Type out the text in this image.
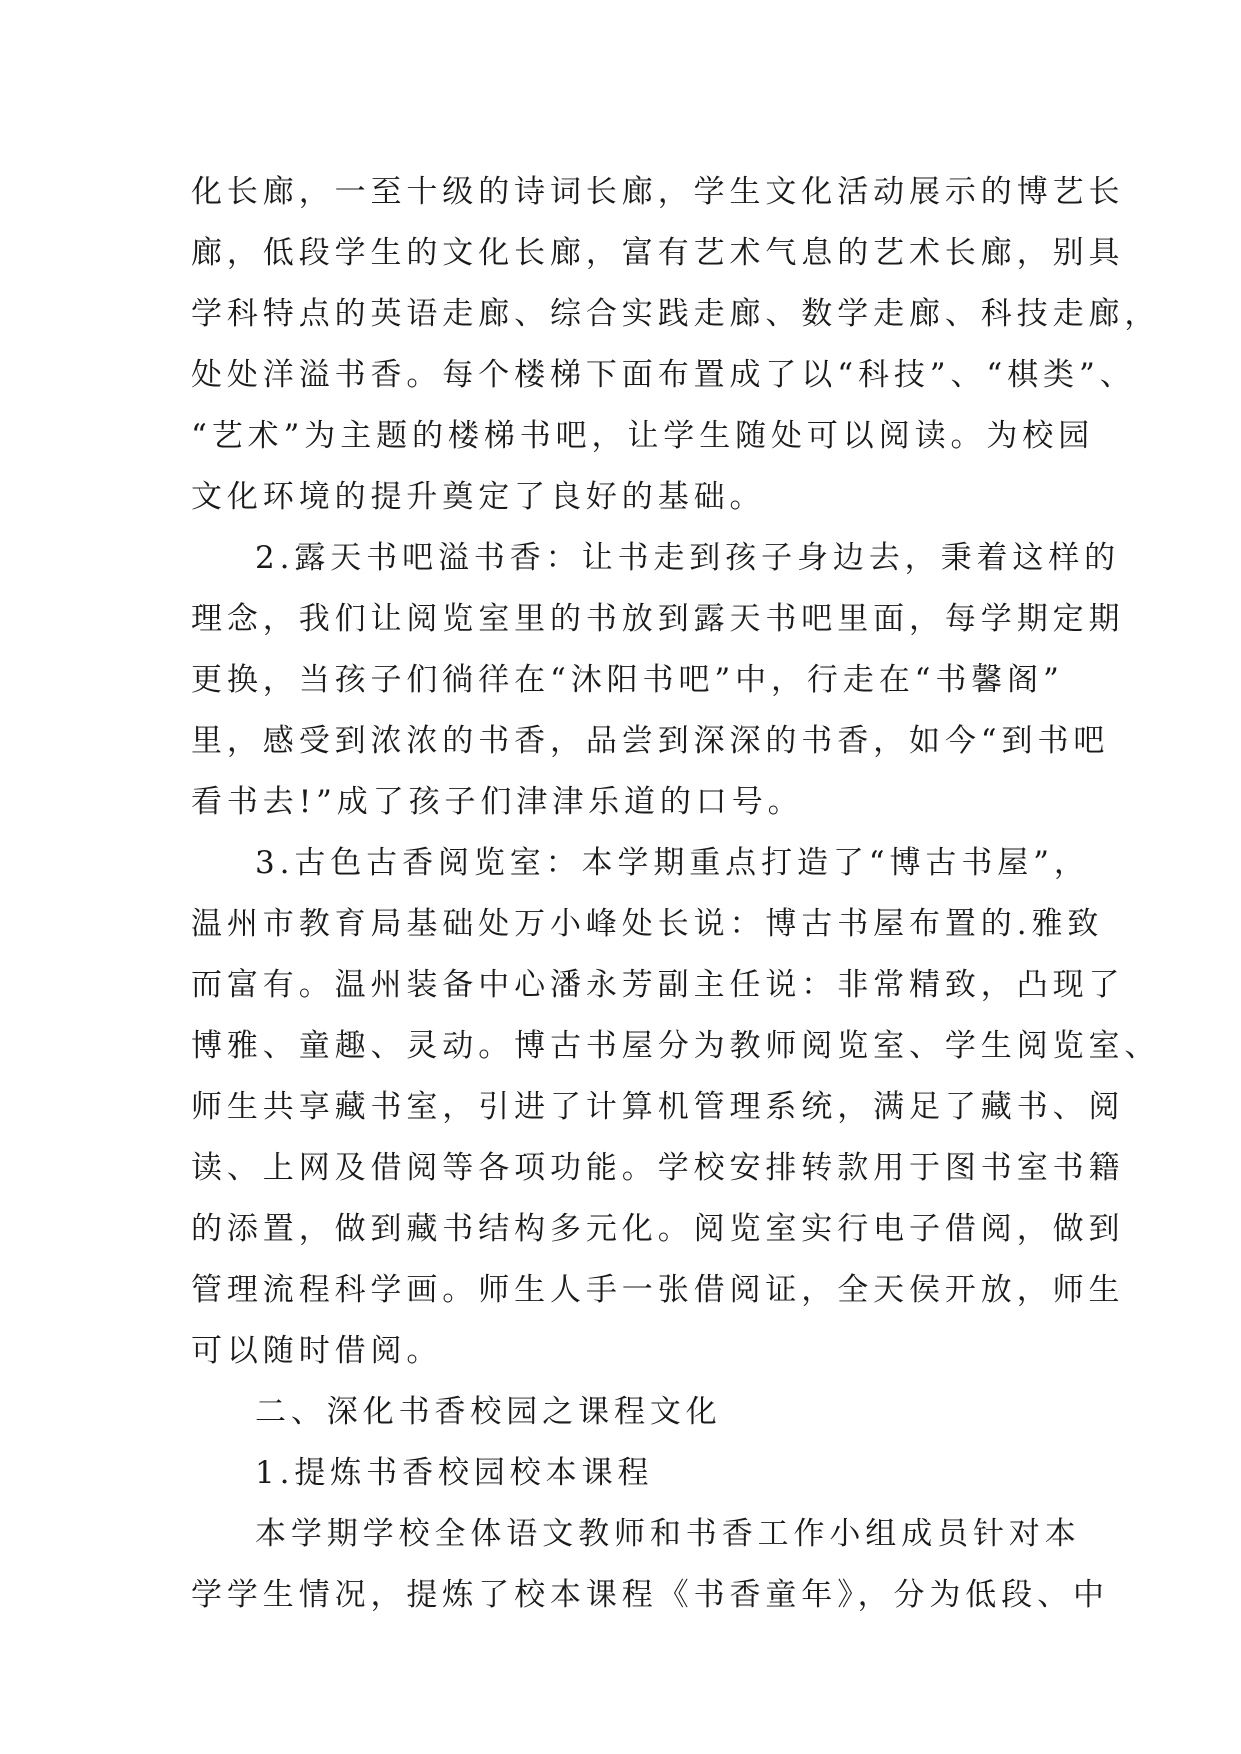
化长廊，一至十级的诗词长廊，学生文化活动展示的博艺长
廊，低段学生的文化长廊，富有艺术气息的艺术长廊，别具
学科特点的英语走廊、综合实践走廊、数学走廊、科技走廊，
处处洋溢书香。每个楼梯下面布置成了以“科技”、“棋类”、
“艺术”为主题的楼梯书吧，让学生随处可以阅读。为校园
文化环境的提升奠定了良好的基础。
2.露天书吧溢书香：让书走到孩子身边去，秉着这样的
理念，我们让阅览室里的书放到露天书吧里面，每学期定期
更换，当孩子们徜徉在“沐阳书吧”中，行走在“书馨阁”
里，感受到浓浓的书香，品尝到深深的书香，如今“到书吧
看书去!”成了孩子们津津乐道的口号。
3.古色古香阅览室：本学期重点打造了“博古书屋”，
温州市教育局基础处万小峰处长说：博古书屋布置的.雅致
而富有。温州装备中心潘永芳副主任说：非常精致，凸现了
博雅、童趣、灵动。博古书屋分为教师阅览室、学生阅览室、
师生共享藏书室，引进了计算机管理系统，满足了藏书、阅
读、上网及借阅等各项功能。学校安排转款用于图书室书籍
的添置，做到藏书结构多元化。阅览室实行电子借阅，做到
管理流程科学画。师生人手一张借阅证，全天侯开放，师生
可以随时借阅。
二、深化书香校园之课程文化
1.提炼书香校园校本课程
本学期学校全体语文教师和书香工作小组成员针对本
学学生情况，提炼了校本课程《书香童年》，分为低段、中
